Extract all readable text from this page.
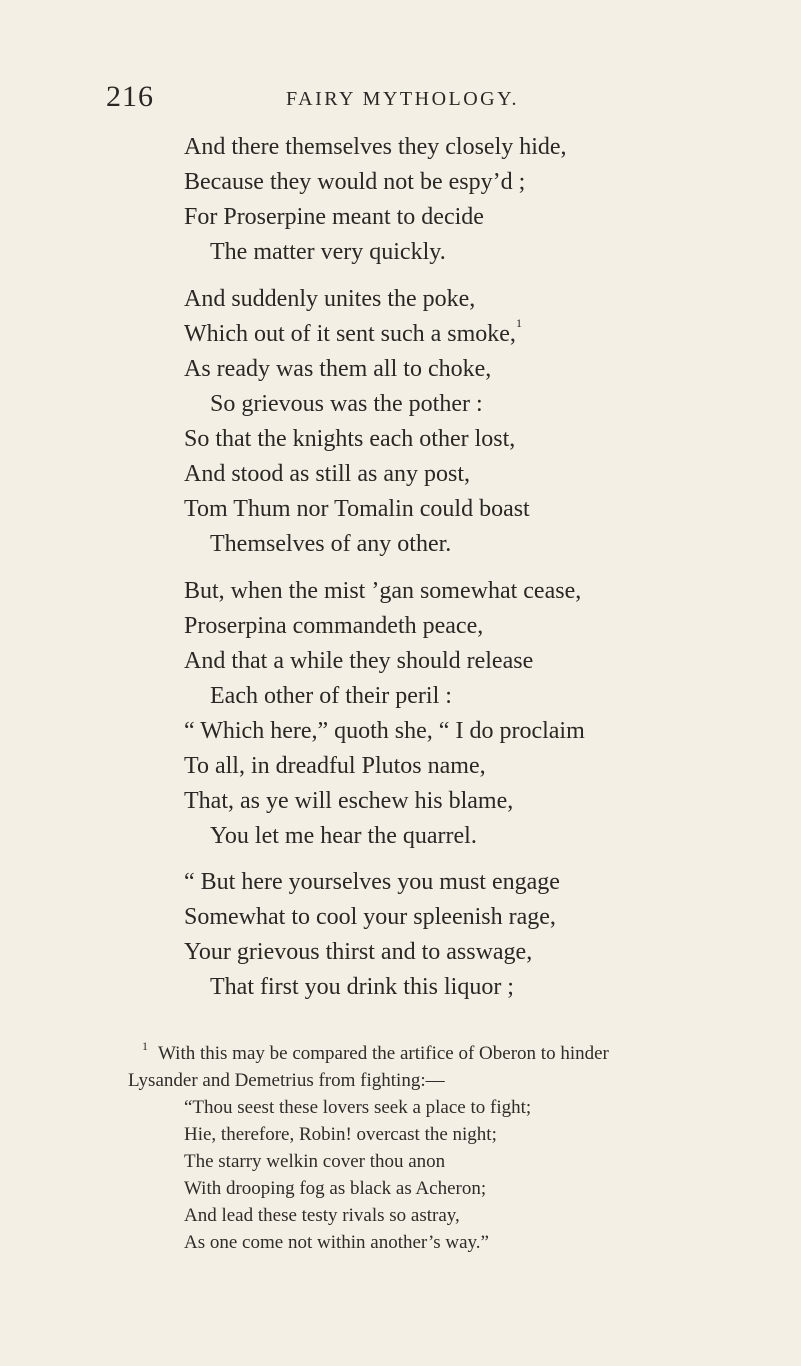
216	FAIRY MYTHOLOGY.
And there themselves they closely hide,
Because they would not be espy’d ;
For Proserpine meant to decide
The matter very quickly.
And suddenly unites the poke,
Which out of it sent such a smoke,$^1$
As ready was them all to choke,
So grievous was the pother :
So that the knights each other lost,
And stood as still as any post,
Tom Thum nor Tomalin could boast
Themselves of any other.
But, when the mist ’gan somewhat cease,
Proserpina commandeth peace,
And that a while they should release
Each other of their peril :
“ Which here,” quoth she, “ I do proclaim
To all, in dreadful Plutos name,
That, as ye will eschew his blame,
You let me hear the quarrel.
“ But here yourselves you must engage
Somewhat to cool your spleenish rage,
Your grievous thirst and to asswage,
That first you drink this liquor ;
$^1$ With this may be compared the artifice of Oberon to hinder
Lysander and Demetrius from fighting:—
“Thou seest these lovers seek a place to fight;
Hie, therefore, Robin! overcast the night;
The starry welkin cover thou anon
With drooping fog as black as Acheron;
And lead these testy rivals so astray,
As one come not within another’s way.”
